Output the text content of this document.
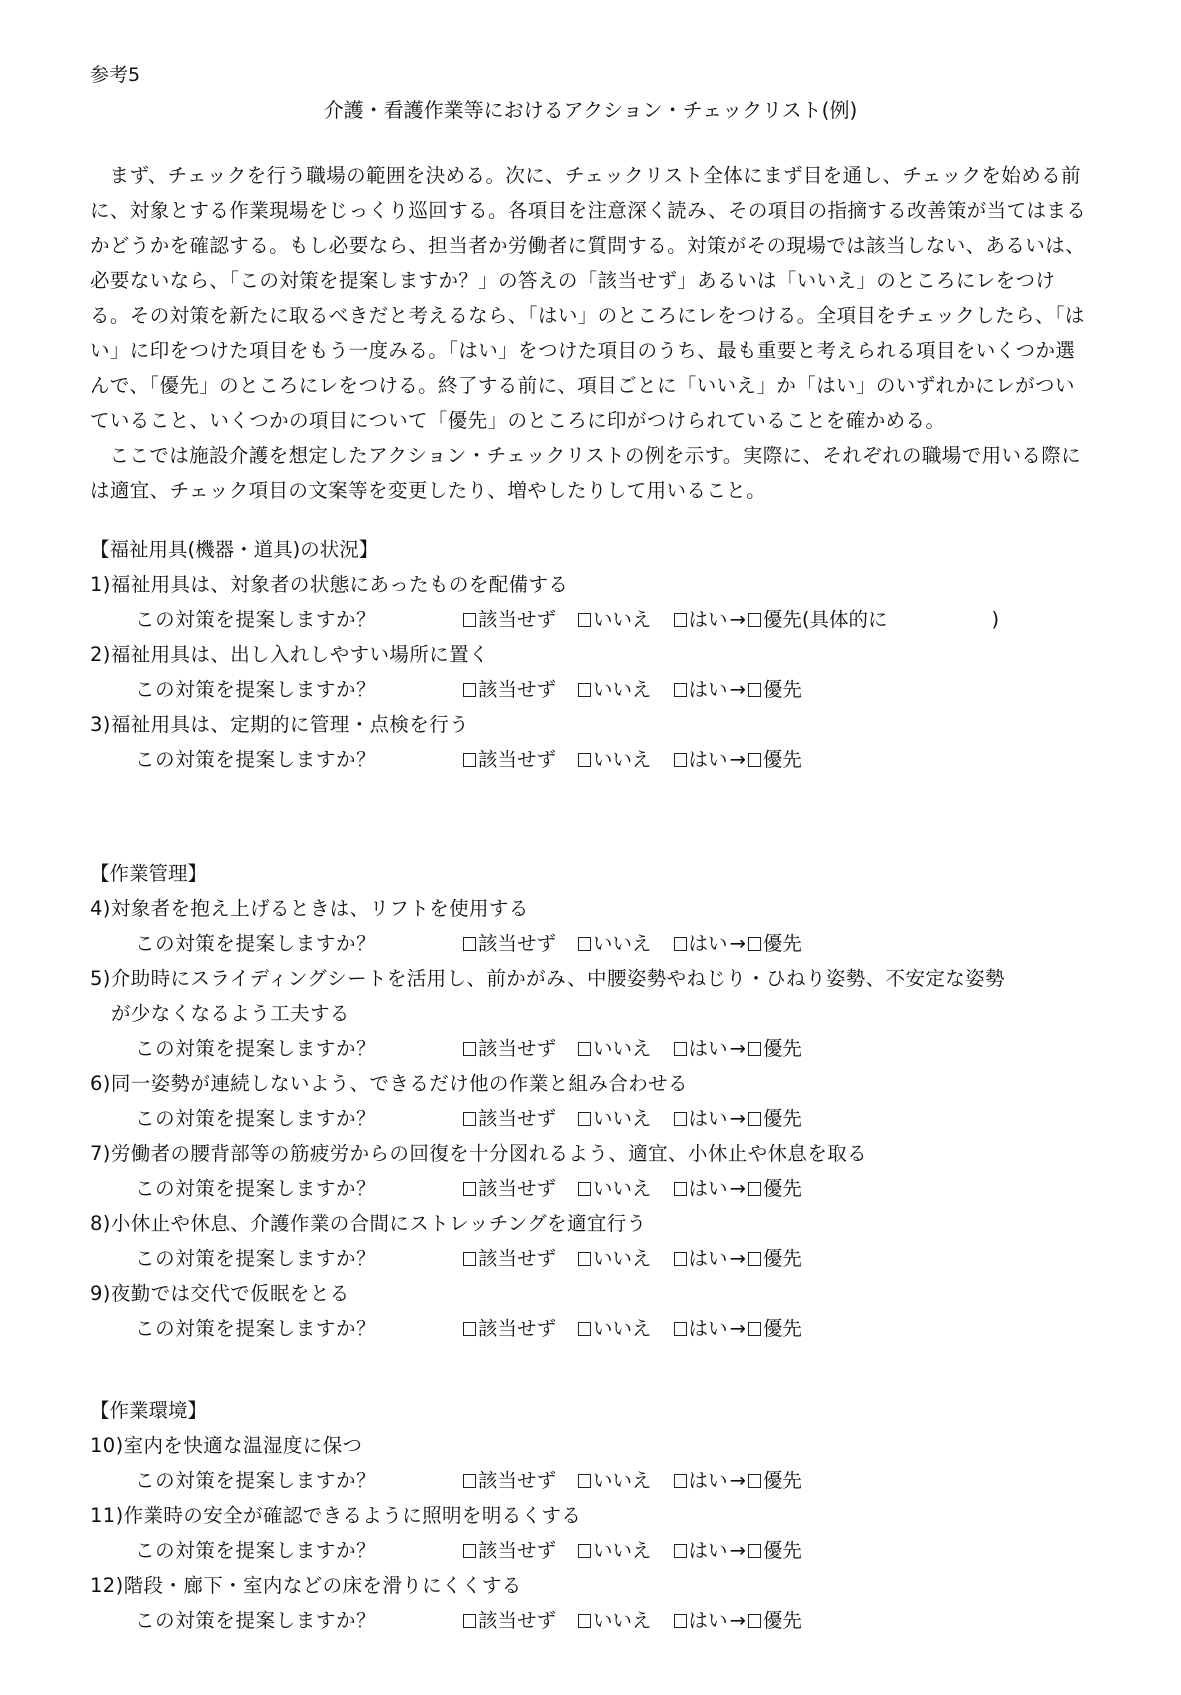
参考5
介護・看護作業等におけるアクション・チェックリスト(例)

まず、チェックを行う職場の範囲を決める。次に、チェックリスト全体にまず目を通し、チェックを始める前に、対象とする作業現場をじっくり巡回する。各項目を注意深く読み、その項目の指摘する改善策が当てはまるかどうかを確認する。もし必要なら、担当者か労働者に質問する。対策がその現場では該当しない、あるいは、必要ないなら、「この対策を提案しますか？」の答えの「該当せず」あるいは「いいえ」のところにレをつける。その対策を新たに取るべきだと考えるなら、「はい」のところにレをつける。全項目をチェックしたら、「はい」に印をつけた項目をもう一度みる。「はい」をつけた項目のうち、最も重要と考えられる項目をいくつか選んで、「優先」のところにレをつける。終了する前に、項目ごとに「いいえ」か「はい」のいずれかにレがついていること、いくつかの項目について「優先」のところに印がつけられていることを確かめる。

ここでは施設介護を想定したアクション・チェックリストの例を示す。実際に、それぞれの職場で用いる際には適宜、チェック項目の文案等を変更したり、増やしたりして用いること。

【福祉用具(機器・道具)の状況】
1)福祉用具は、対象者の状態にあったものを配備する
この対策を提案しますか？	該当せず	いいえ	はい → 優先(具体的に	)
2)福祉用具は、出し入れしやすい場所に置く
この対策を提案しますか？	該当せず	いいえ	はい → 優先
3)福祉用具は、定期的に管理・点検を行う
この対策を提案しますか？	該当せず	いいえ	はい → 優先
【作業管理】
4)対象者を抱え上げるときは、リフトを使用する
この対策を提案しますか？	該当せず	いいえ	はい → 優先
5)介助時にスライディングシートを活用し、前かがみ、中腰姿勢やねじり・ひねり姿勢、不安定な姿勢
が少なくなるよう工夫する
この対策を提案しますか？	該当せず	いいえ	はい → 優先
6)同一姿勢が連続しないよう、できるだけ他の作業と組み合わせる
この対策を提案しますか？	該当せず	いいえ	はい → 優先
7)労働者の腰背部等の筋疲労からの回復を十分図れるよう、適宜、小休止や休息を取る
この対策を提案しますか？	該当せず	いいえ	はい → 優先
8)小休止や休息、介護作業の合間にストレッチングを適宜行う
この対策を提案しますか？	該当せず	いいえ	はい → 優先
9)夜勤では交代で仮眠をとる
この対策を提案しますか？	該当せず	いいえ	はい → 優先
【作業環境】
10)室内を快適な温湿度に保つ
この対策を提案しますか？	該当せず	いいえ	はい → 優先
11)作業時の安全が確認できるように照明を明るくする
この対策を提案しますか？	該当せず	いいえ	はい → 優先
12)階段・廊下・室内などの床を滑りにくくする
この対策を提案しますか？	該当せず	いいえ	はい → 優先
